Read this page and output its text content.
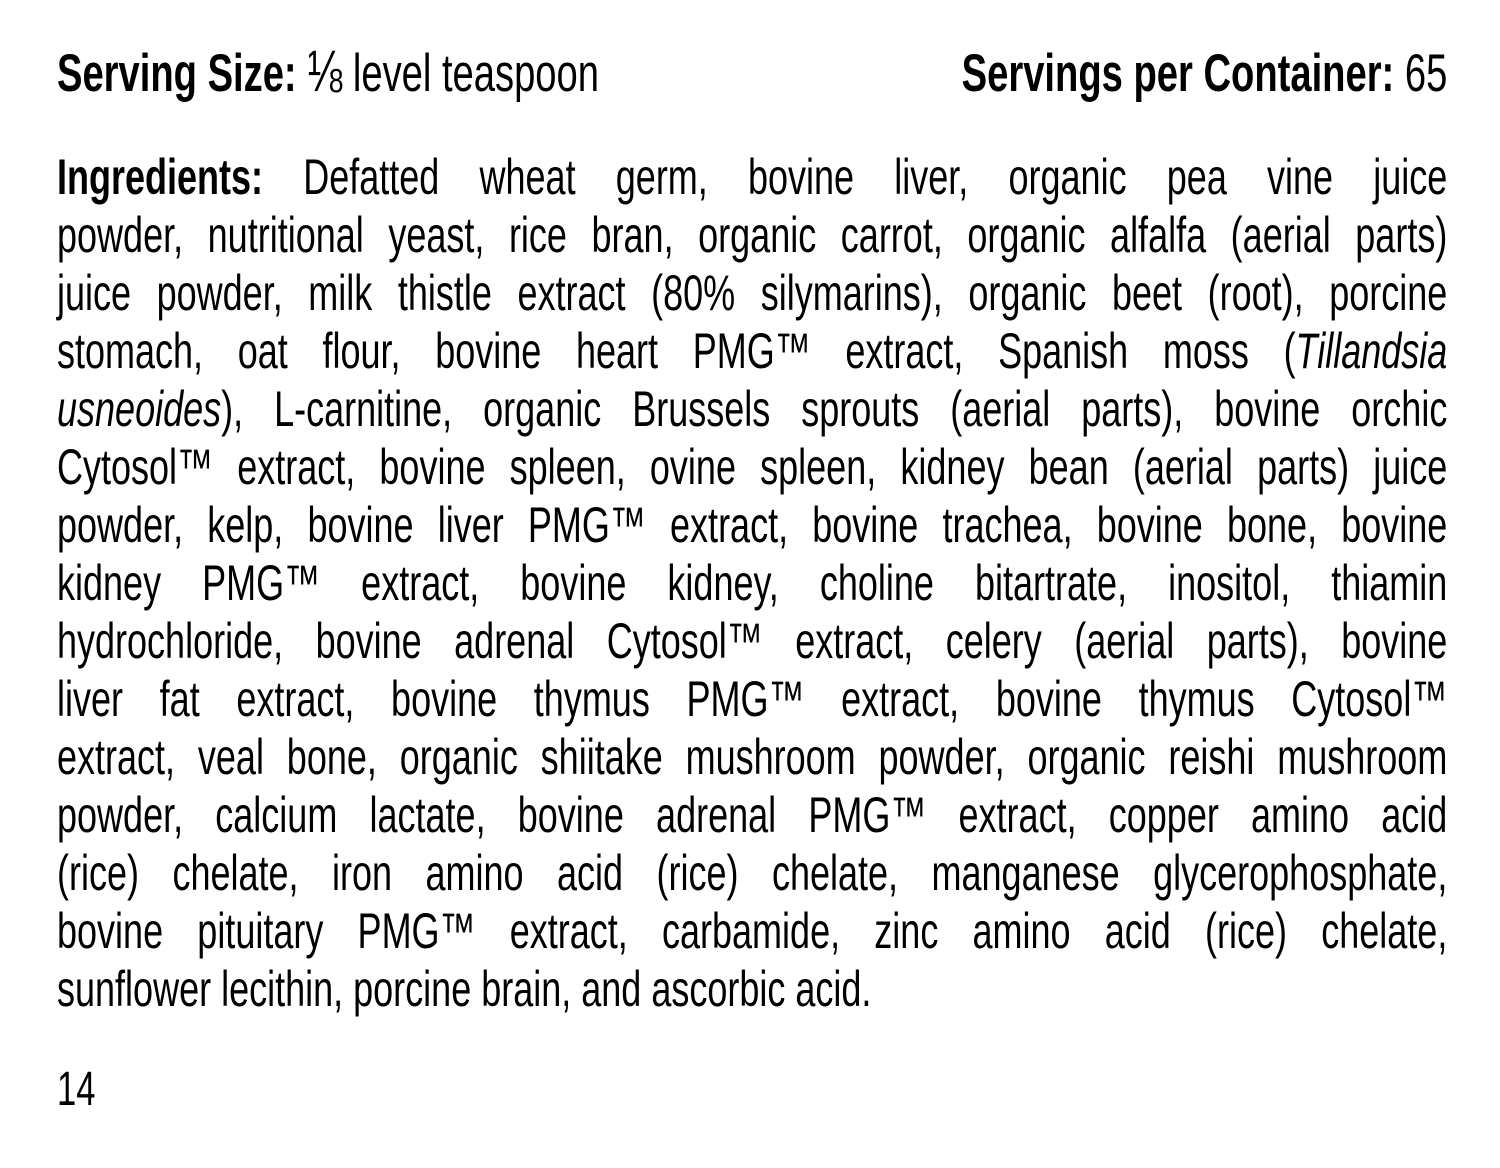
Serving Size: ⅛ level teaspoon	Servings per Container: 65
Ingredients: Defatted wheat germ, bovine liver, organic pea vine juice
powder, nutritional yeast, rice bran, organic carrot, organic alfalfa (aerial parts)
juice powder, milk thistle extract (80% silymarins), organic beet (root), porcine
stomach, oat flour, bovine heart PMG™ extract, Spanish moss (Tillandsia
usneoides), L-carnitine, organic Brussels sprouts (aerial parts), bovine orchic
Cytosol™ extract, bovine spleen, ovine spleen, kidney bean (aerial parts) juice
powder, kelp, bovine liver PMG™ extract, bovine trachea, bovine bone, bovine
kidney PMG™ extract, bovine kidney, choline bitartrate, inositol, thiamin
hydrochloride, bovine adrenal Cytosol™ extract, celery (aerial parts), bovine
liver fat extract, bovine thymus PMG™ extract, bovine thymus Cytosol™
extract, veal bone, organic shiitake mushroom powder, organic reishi mushroom
powder, calcium lactate, bovine adrenal PMG™ extract, copper amino acid
(rice) chelate, iron amino acid (rice) chelate, manganese glycerophosphate,
bovine pituitary PMG™ extract, carbamide, zinc amino acid (rice) chelate,
sunflower lecithin, porcine brain, and ascorbic acid.
14
